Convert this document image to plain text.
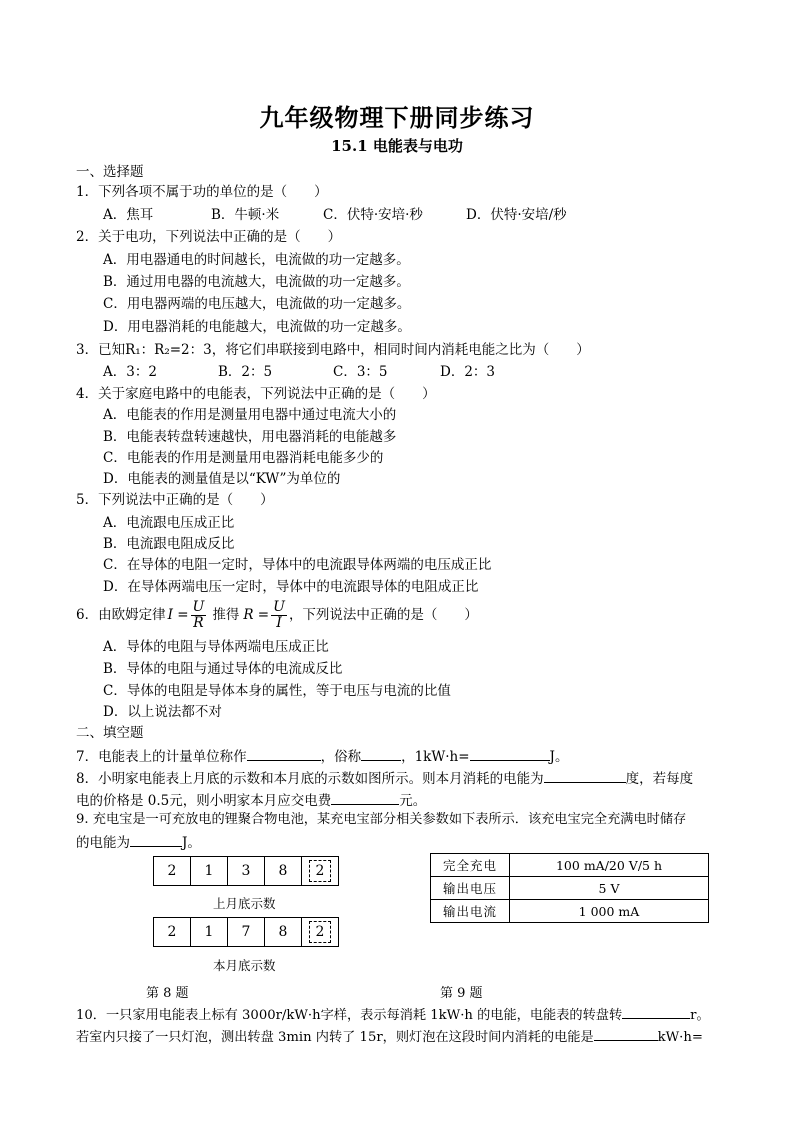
九年级物理下册同步练习
15.1 电能表与电功
一、选择题
1．下列各项不属于功的单位的是（　　）
A．焦耳	B．牛顿·米	C．伏特·安培·秒	D．伏特·安培/秒
2．关于电功，下列说法中正确的是（　　）
A．用电器通电的时间越长，电流做的功一定越多。
B．通过用电器的电流越大，电流做的功一定越多。
C．用电器两端的电压越大，电流做的功一定越多。
D．用电器消耗的电能越大，电流做的功一定越多。
3．已知R₁：R₂=2：3，将它们串联接到电路中，相同时间内消耗电能之比为（　　）
A．3：2	B．2：5	C．3：5	D．2：3
4．关于家庭电路中的电能表，下列说法中正确的是（　　）
A．电能表的作用是测量用电器中通过电流大小的
B．电能表转盘转速越快，用电器消耗的电能越多
C．电能表的作用是测量用电器消耗电能多少的
D．电能表的测量值是以“KW”为单位的
5．下列说法中正确的是（　　）
A．电流跟电压成正比
B．电流跟电阻成反比
C．在导体的电阻一定时，导体中的电流跟导体两端的电压成正比
D．在导体两端电压一定时，导体中的电流跟导体的电阻成正比
6．由欧姆定律 $I = \frac{U}{R}$ 推得 $R = \frac{U}{I}$ ，下列说法中正确的是（　　）
A．导体的电阻与导体两端电压成正比
B．导体的电阻与通过导体的电流成反比
C．导体的电阻是导体本身的属性，等于电压与电流的比值
D．以上说法都不对
二、填空题
7．电能表上的计量单位称作	，俗称	，1kW·h=	J。
8．小明家电能表上月底的示数和本月底的示数如图所示。则本月消耗的电能为	度，若每度
电的价格是 0.5元，则小明家本月应交电费	元。
9. 充电宝是一可充放电的锂聚合物电池，某充电宝部分相关参数如下表所示．该充电宝完全充满电时储存
的电能为	J。
2	1	3	8	2
上月底示数
2	1	7	8	2
本月底示数
完全充电	100 mA/20 V/5 h
输出电压	5 V
输出电流	1 000 mA
第 8 题	第 9 题
10．一只家用电能表上标有 3000r/kW·h字样，表示每消耗 1kW·h 的电能，电能表的转盘转	r。
若室内只接了一只灯泡，测出转盘 3min 内转了 15r，则灯泡在这段时间内消耗的电能是	kW·h=
